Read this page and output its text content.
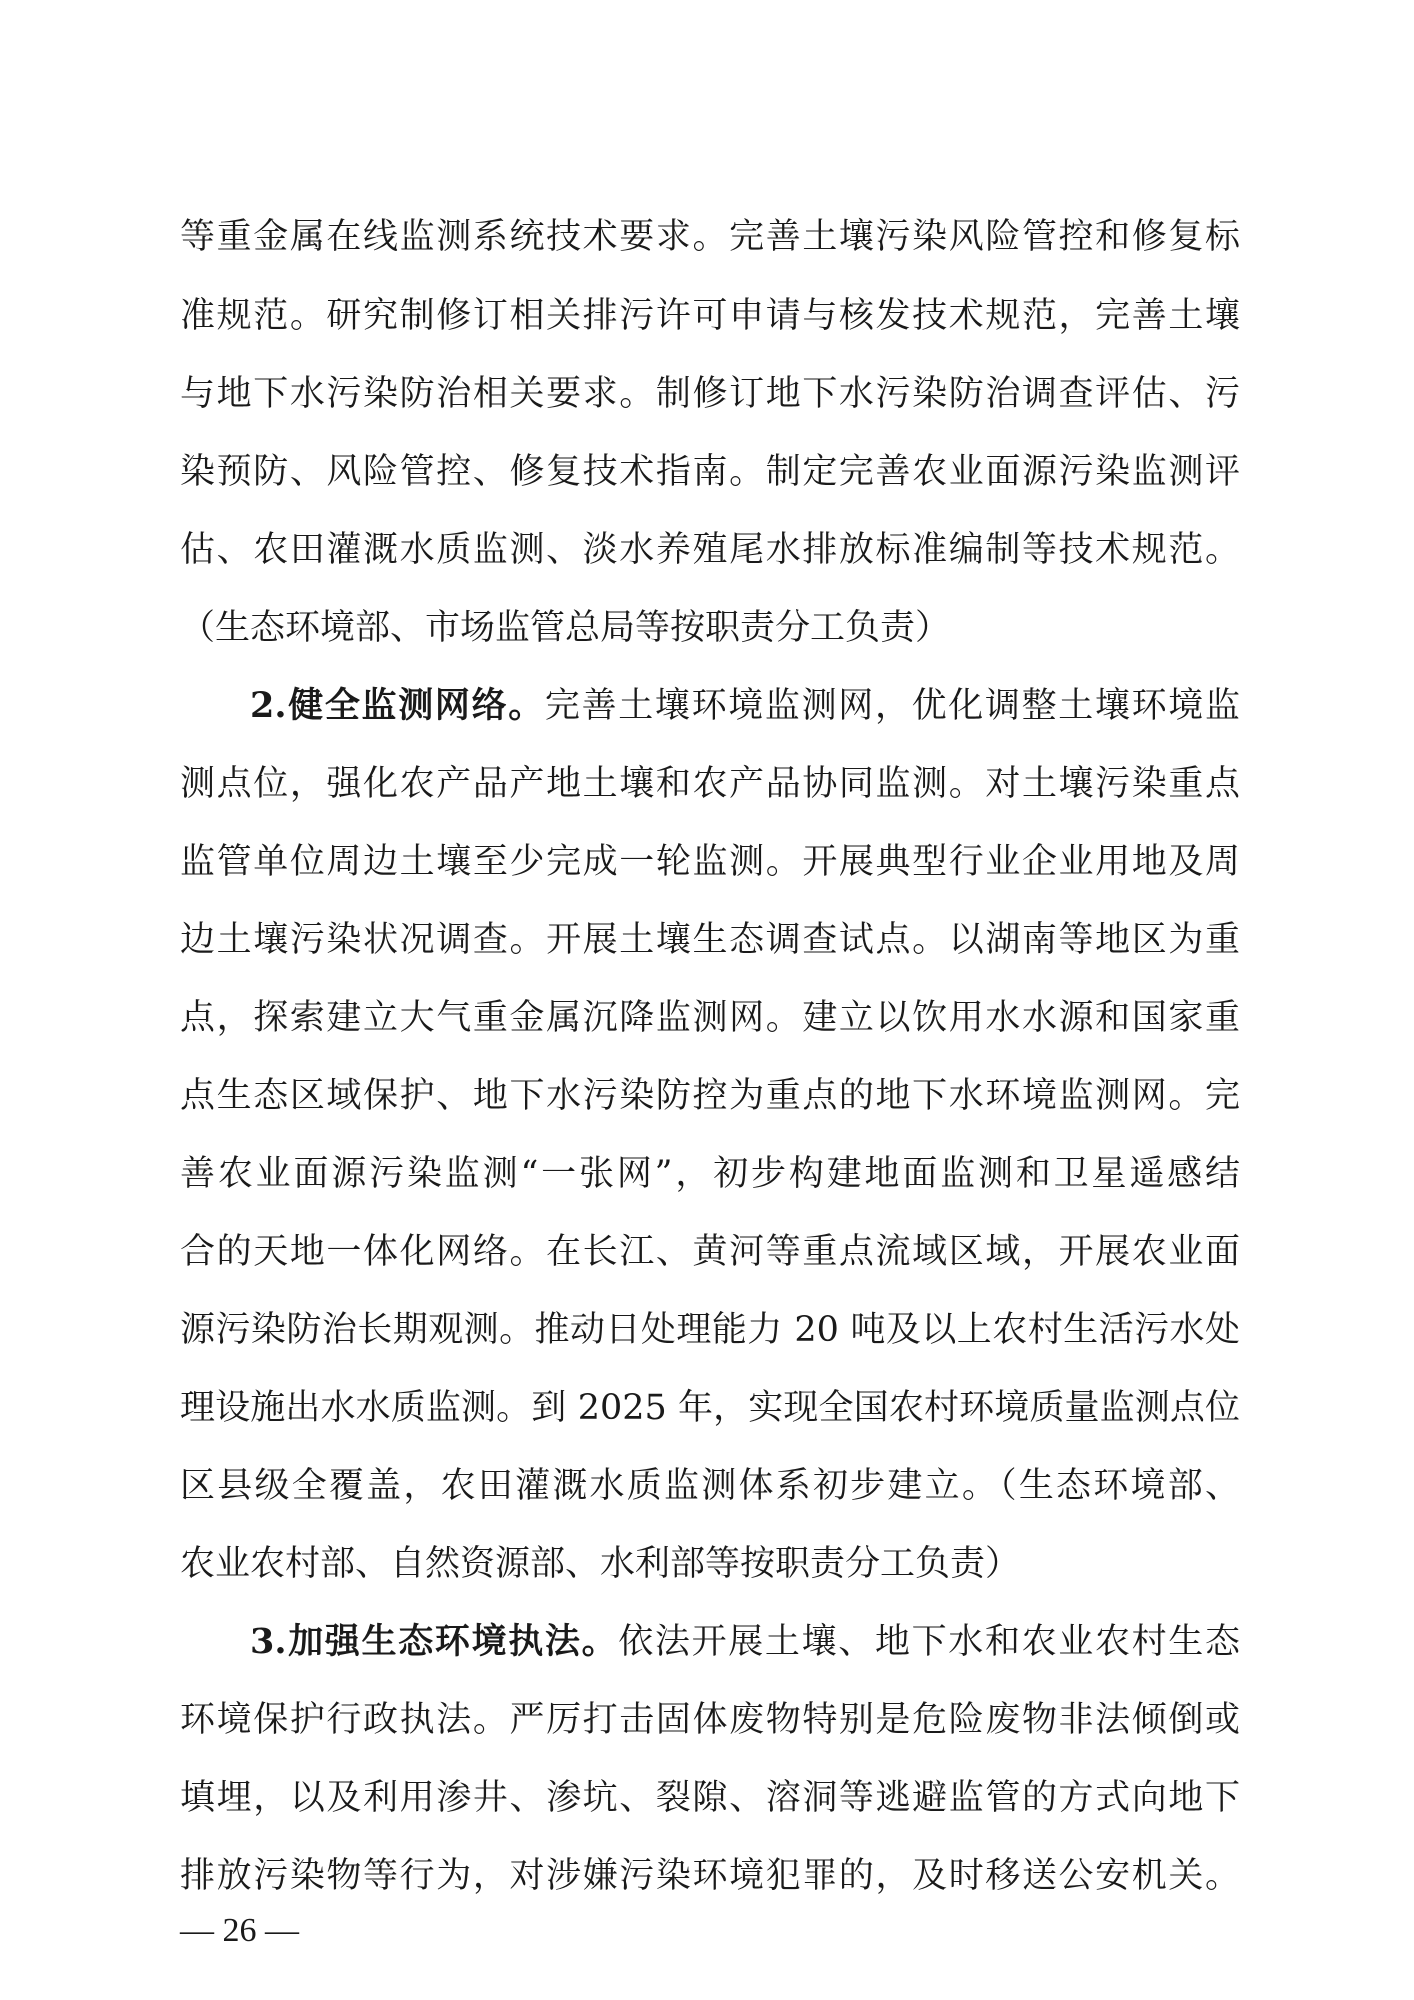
等重金属在线监测系统技术要求。完善土壤污染风险管控和修复标
准规范。研究制修订相关排污许可申请与核发技术规范，完善土壤
与地下水污染防治相关要求。制修订地下水污染防治调查评估、污
染预防、风险管控、修复技术指南。制定完善农业面源污染监测评
估、农田灌溉水质监测、淡水养殖尾水排放标准编制等技术规范。
（生态环境部、市场监管总局等按职责分工负责）
2.健全监测网络。完善土壤环境监测网，优化调整土壤环境监
测点位，强化农产品产地土壤和农产品协同监测。对土壤污染重点
监管单位周边土壤至少完成一轮监测。开展典型行业企业用地及周
边土壤污染状况调查。开展土壤生态调查试点。以湖南等地区为重
点，探索建立大气重金属沉降监测网。建立以饮用水水源和国家重
点生态区域保护、地下水污染防控为重点的地下水环境监测网。完
善农业面源污染监测“一张网”，初步构建地面监测和卫星遥感结
合的天地一体化网络。在长江、黄河等重点流域区域，开展农业面
源污染防治长期观测。推动日处理能力 20 吨及以上农村生活污水处
理设施出水水质监测。到 2025 年，实现全国农村环境质量监测点位
区县级全覆盖，农田灌溉水质监测体系初步建立。（生态环境部、
农业农村部、自然资源部、水利部等按职责分工负责）
3.加强生态环境执法。依法开展土壤、地下水和农业农村生态
环境保护行政执法。严厉打击固体废物特别是危险废物非法倾倒或
填埋，以及利用渗井、渗坑、裂隙、溶洞等逃避监管的方式向地下
排放污染物等行为，对涉嫌污染环境犯罪的，及时移送公安机关。
— 26 —
